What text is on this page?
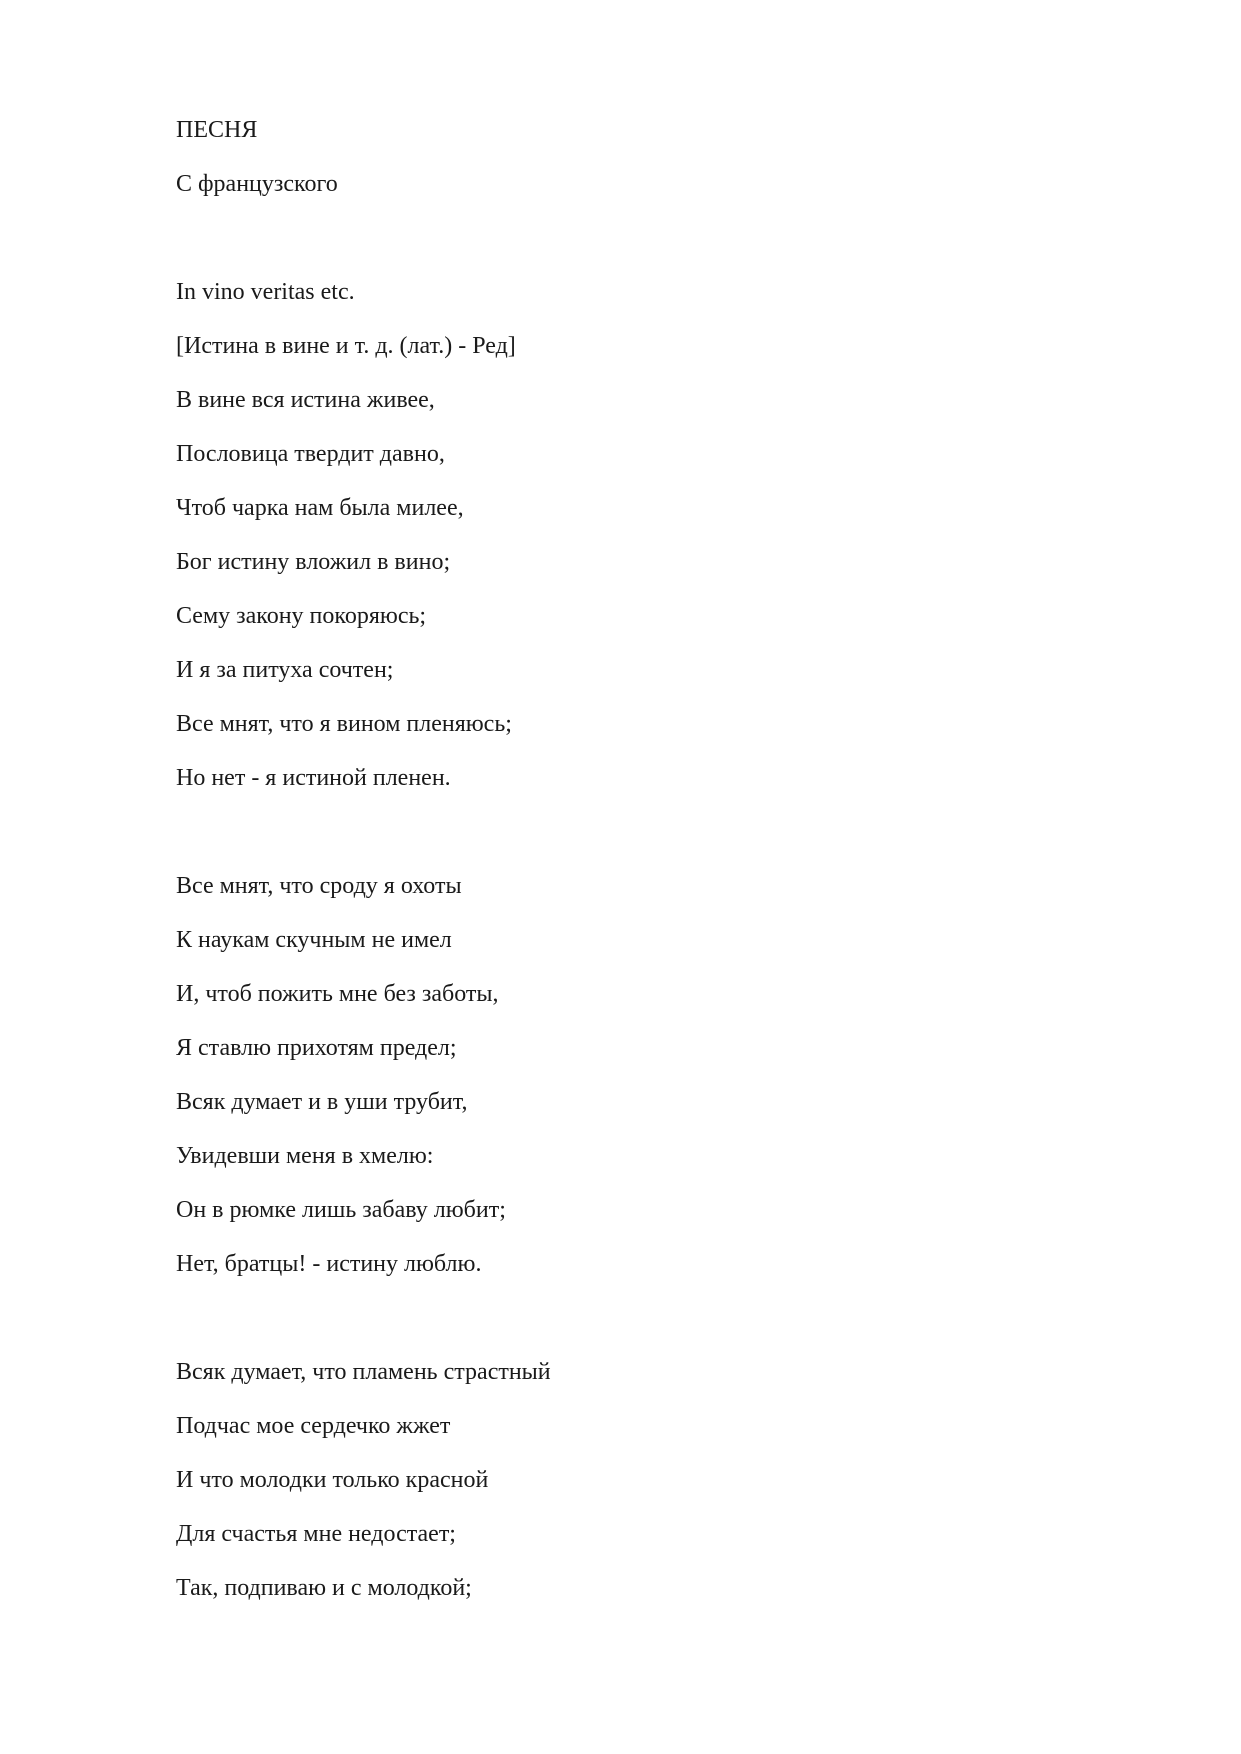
ПЕСНЯ
С французского
In vino veritas etc.
[Истина в вине и т. д. (лат.) - Ред]
В вине вся истина живее,
Пословица твердит давно,
Чтоб чарка нам была милее,
Бог истину вложил в вино;
Сему закону покоряюсь;
И я за питуха сочтен;
Все мнят, что я вином пленяюсь;
Но нет - я истиной пленен.
Все мнят, что сроду я охоты
К наукам скучным не имел
И, чтоб пожить мне без заботы,
Я ставлю прихотям предел;
Всяк думает и в уши трубит,
Увидевши меня в хмелю:
Он в рюмке лишь забаву любит;
Нет, братцы! - истину люблю.
Всяк думает, что пламень страстный
Подчас мое сердечко жжет
И что молодки только красной
Для счастья мне недостает;
Так, подпиваю и с молодкой;
